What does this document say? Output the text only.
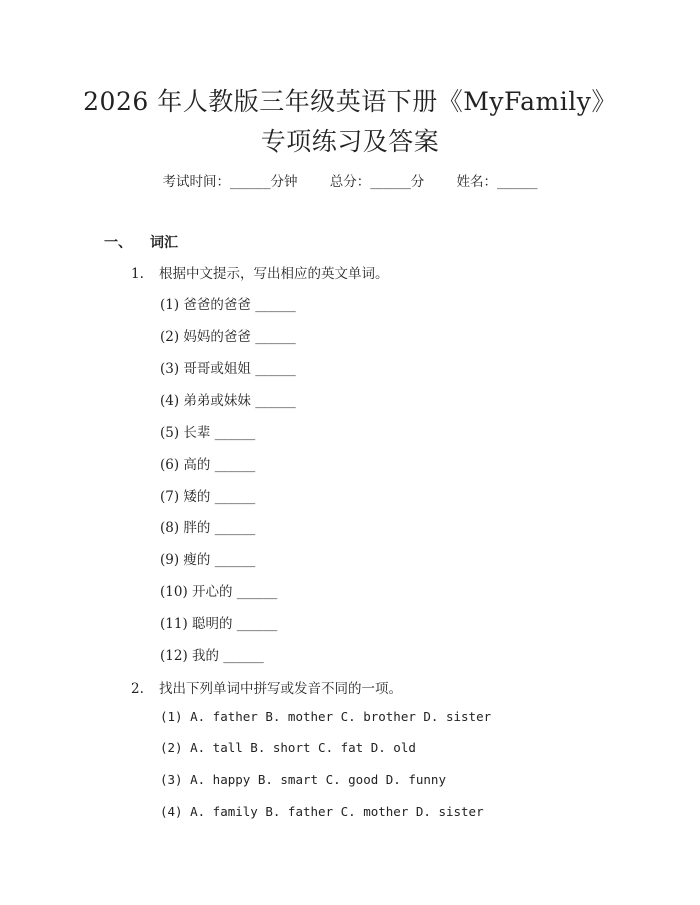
2026 年人教版三年级英语下册《MyFamily》
专项练习及答案
考试时间：______分钟 总分：______分 姓名：______
一、 词汇
1. 根据中文提示，写出相应的英文单词。
(1) 爸爸的爸爸 ______
(2) 妈妈的爸爸 ______
(3) 哥哥或姐姐 ______
(4) 弟弟或妹妹 ______
(5) 长辈 ______
(6) 高的 ______
(7) 矮的 ______
(8) 胖的 ______
(9) 瘦的 ______
(10) 开心的 ______
(11) 聪明的 ______
(12) 我的 ______
2. 找出下列单词中拼写或发音不同的一项。
(1) A. father B. mother C. brother D. sister
(2) A. tall B. short C. fat D. old
(3) A. happy B. smart C. good D. funny
(4) A. family B. father C. mother D. sister
